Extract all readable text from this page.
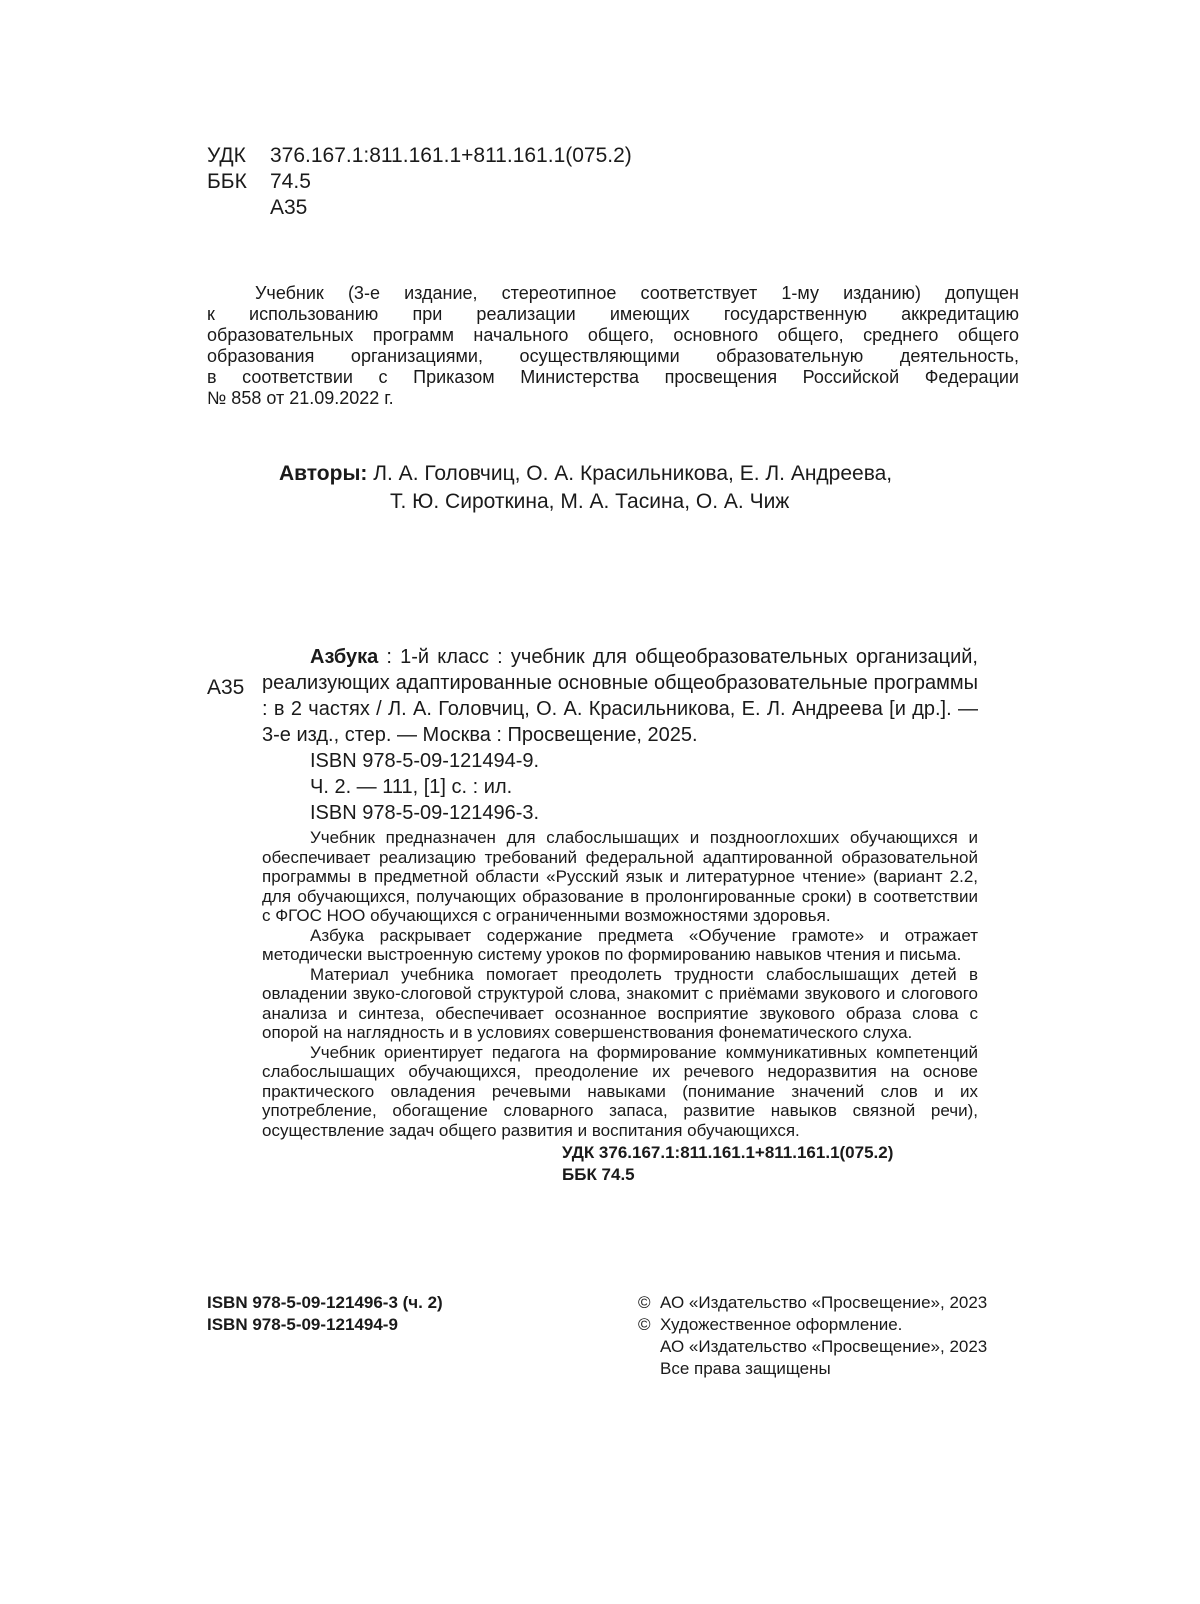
УДК 376.167.1:811.161.1+811.161.1(075.2)
ББК 74.5
А35
Учебник (3-е издание, стереотипное соответствует 1-му изданию) допущен
к использованию при реализации имеющих государственную аккредитацию
образовательных программ начального общего, основного общего, среднего общего
образования организациями, осуществляющими образовательную деятельность,
в соответствии с Приказом Министерства просвещения Российской Федерации
№ 858 от 21.09.2022 г.
Авторы: Л. А. Головчиц, О. А. Красильникова, Е. Л. Андреева,
Т. Ю. Сироткина, М. А. Тасина, О. А. Чиж
А35

Азбука : 1-й класс : учебник для общеобразовательных организаций, реализующих адаптированные основные общеобразовательные программы : в 2 частях / Л. А. Головчиц, О. А. Красильникова, Е. Л. Андреева [и др.]. — 3-е изд., стер. — Москва : Просвещение, 2025.

ISBN 978-5-09-121494-9.

Ч. 2. — 111, [1] с. : ил.

ISBN 978-5-09-121496-3.

Учебник предназначен для слабослышащих и позднооглохших обучающихся и обеспечивает реализацию требований федеральной адаптированной образовательной программы в предметной области «Русский язык и литературное чтение» (вариант 2.2, для обучающихся, получающих образование в пролонгированные сроки) в соответствии с ФГОС НОО обучающихся с ограниченными возможностями здоровья.

Азбука раскрывает содержание предмета «Обучение грамоте» и отражает методически выстроенную систему уроков по формированию навыков чтения и письма.

Материал учебника помогает преодолеть трудности слабослышащих детей в овладении звуко-слоговой структурой слова, знакомит с приёмами звукового и слогового анализа и синтеза, обеспечивает осознанное восприятие звукового образа слова с опорой на наглядность и в условиях совершенствования фонематического слуха.

Учебник ориентирует педагога на формирование коммуникативных компетенций слабослышащих обучающихся, преодоление их речевого недоразвития на основе практического овладения речевыми навыками (понимание значений слов и их употребление, обогащение словарного запаса, развитие навыков связной речи), осуществление задач общего развития и воспитания обучающихся.

УДК 376.167.1:811.161.1+811.161.1(075.2)
ББК 74.5
ISBN 978-5-09-121496-3 (ч. 2)
ISBN 978-5-09-121494-9
© АО «Издательство «Просвещение», 2023
© Художественное оформление.
АО «Издательство «Просвещение», 2023
Все права защищены
